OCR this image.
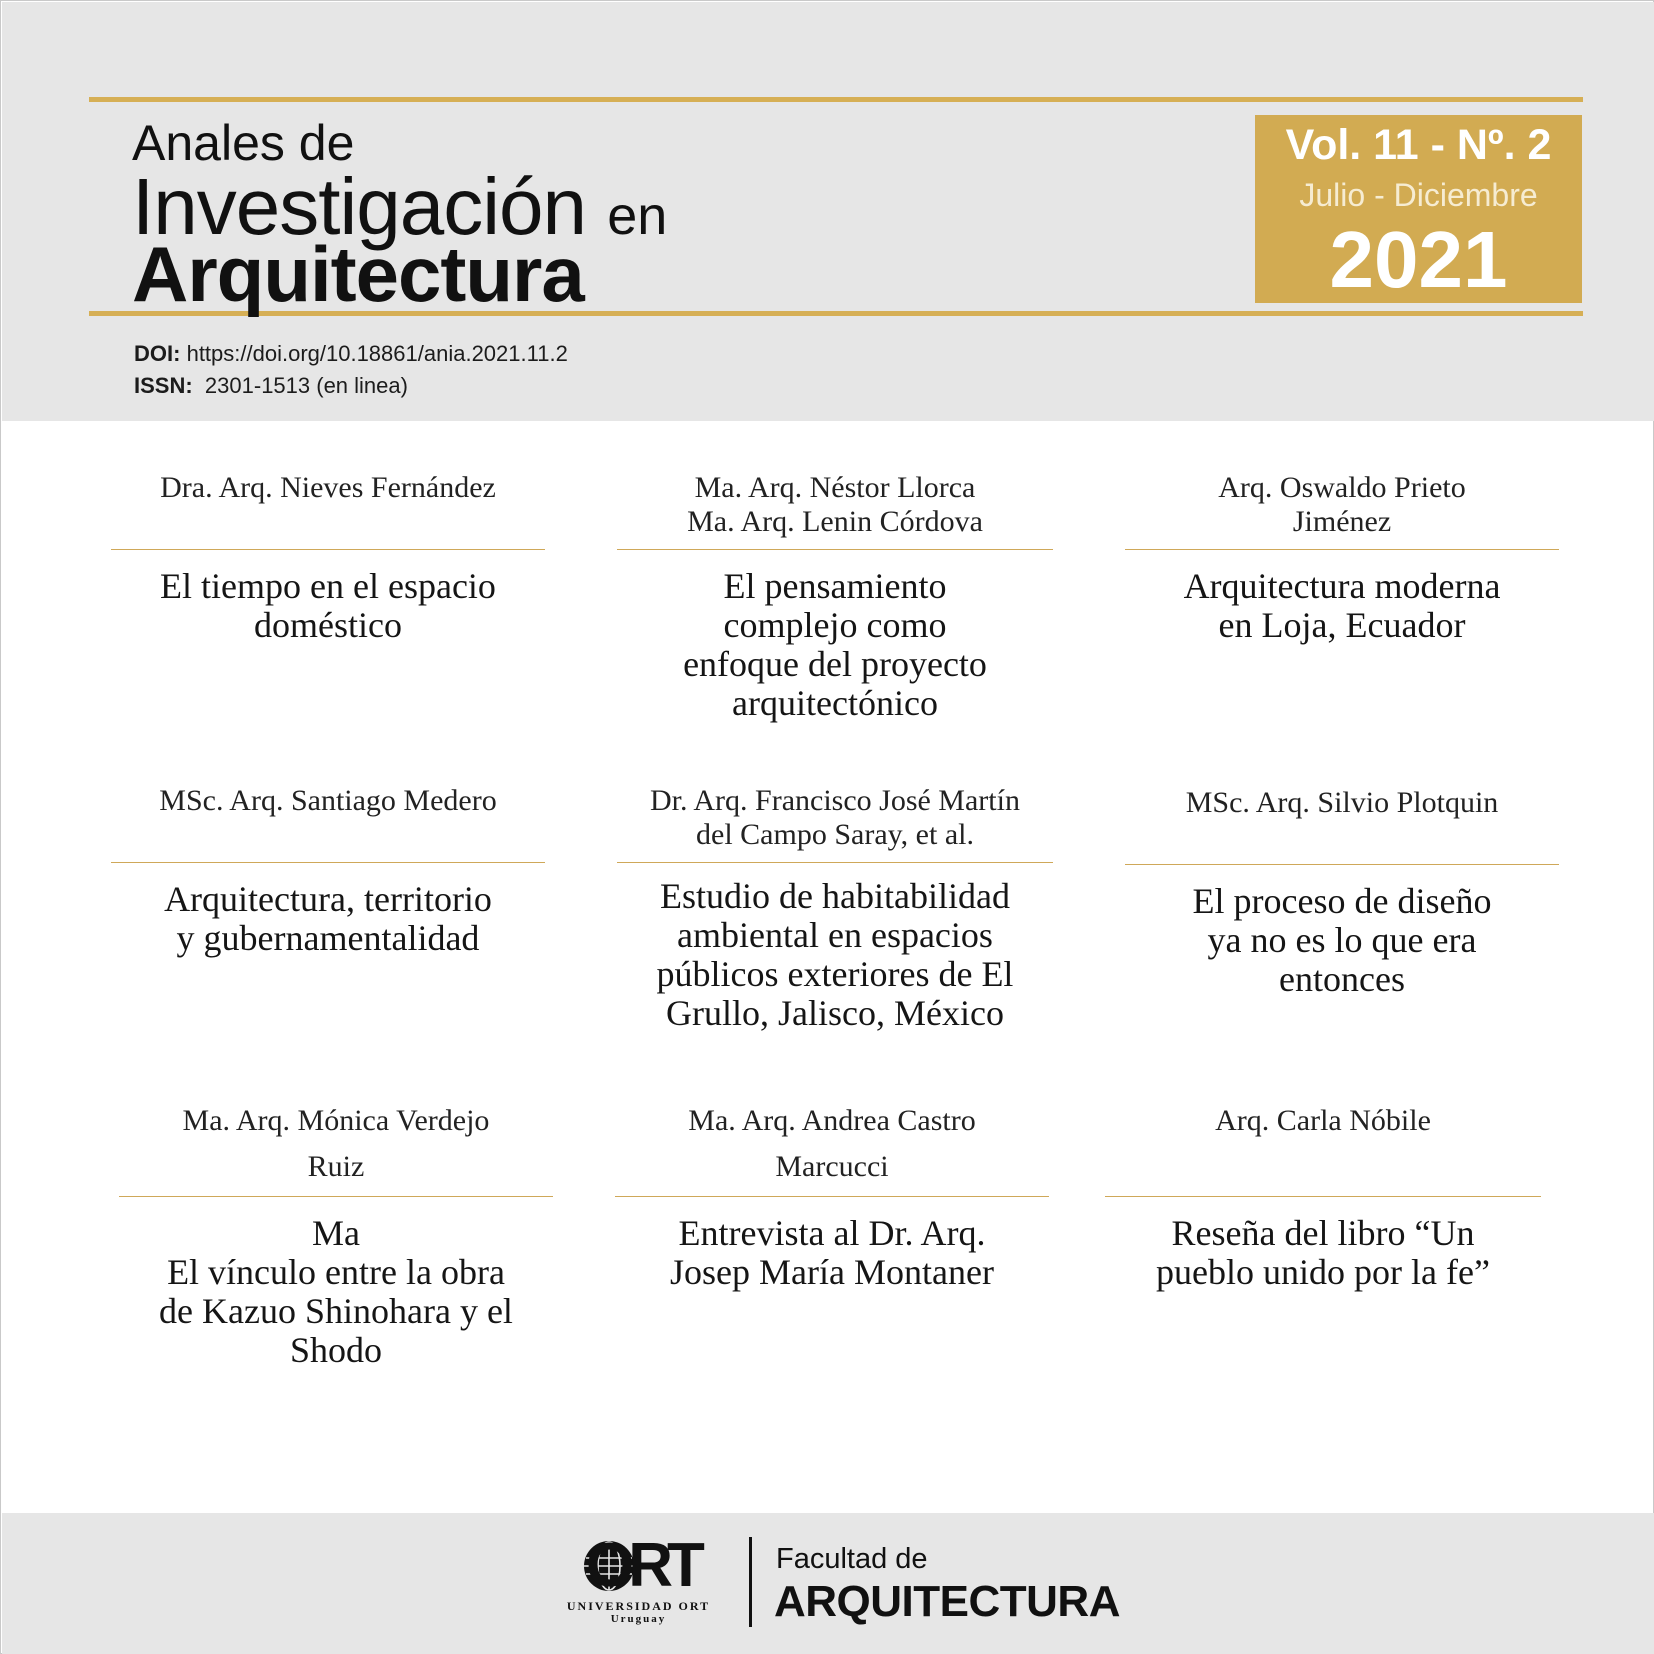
Anales de
Investigación en
Arquitectura
Vol. 11 - Nº. 2
Julio - Diciembre
2021
DOI: https://doi.org/10.18861/ania.2021.11.2
ISSN: 2301-1513 (en linea)
Dra. Arq. Nieves Fernández
El tiempo en el espacio
doméstico
Ma. Arq. Néstor Llorca
Ma. Arq. Lenin Córdova
El pensamiento
complejo como
enfoque del proyecto
arquitectónico
Arq. Oswaldo Prieto
Jiménez
Arquitectura moderna
en Loja, Ecuador
MSc. Arq. Santiago Medero
Arquitectura, territorio
y gubernamentalidad
Dr. Arq. Francisco José Martín
del Campo Saray, et al.
Estudio de habitabilidad
ambiental en espacios
públicos exteriores de El
Grullo, Jalisco, México
MSc. Arq. Silvio Plotquin
El proceso de diseño
ya no es lo que era
entonces
Ma. Arq. Mónica Verdejo
Ruiz
Ma
El vínculo entre la obra
de Kazuo Shinohara y el
Shodo
Ma. Arq. Andrea Castro
Marcucci
Entrevista al Dr. Arq.
Josep María Montaner
Arq. Carla Nóbile
Reseña del libro “Un
pueblo unido por la fe”
ORT
UNIVERSIDAD ORT
Uruguay
Facultad de
ARQUITECTURA
